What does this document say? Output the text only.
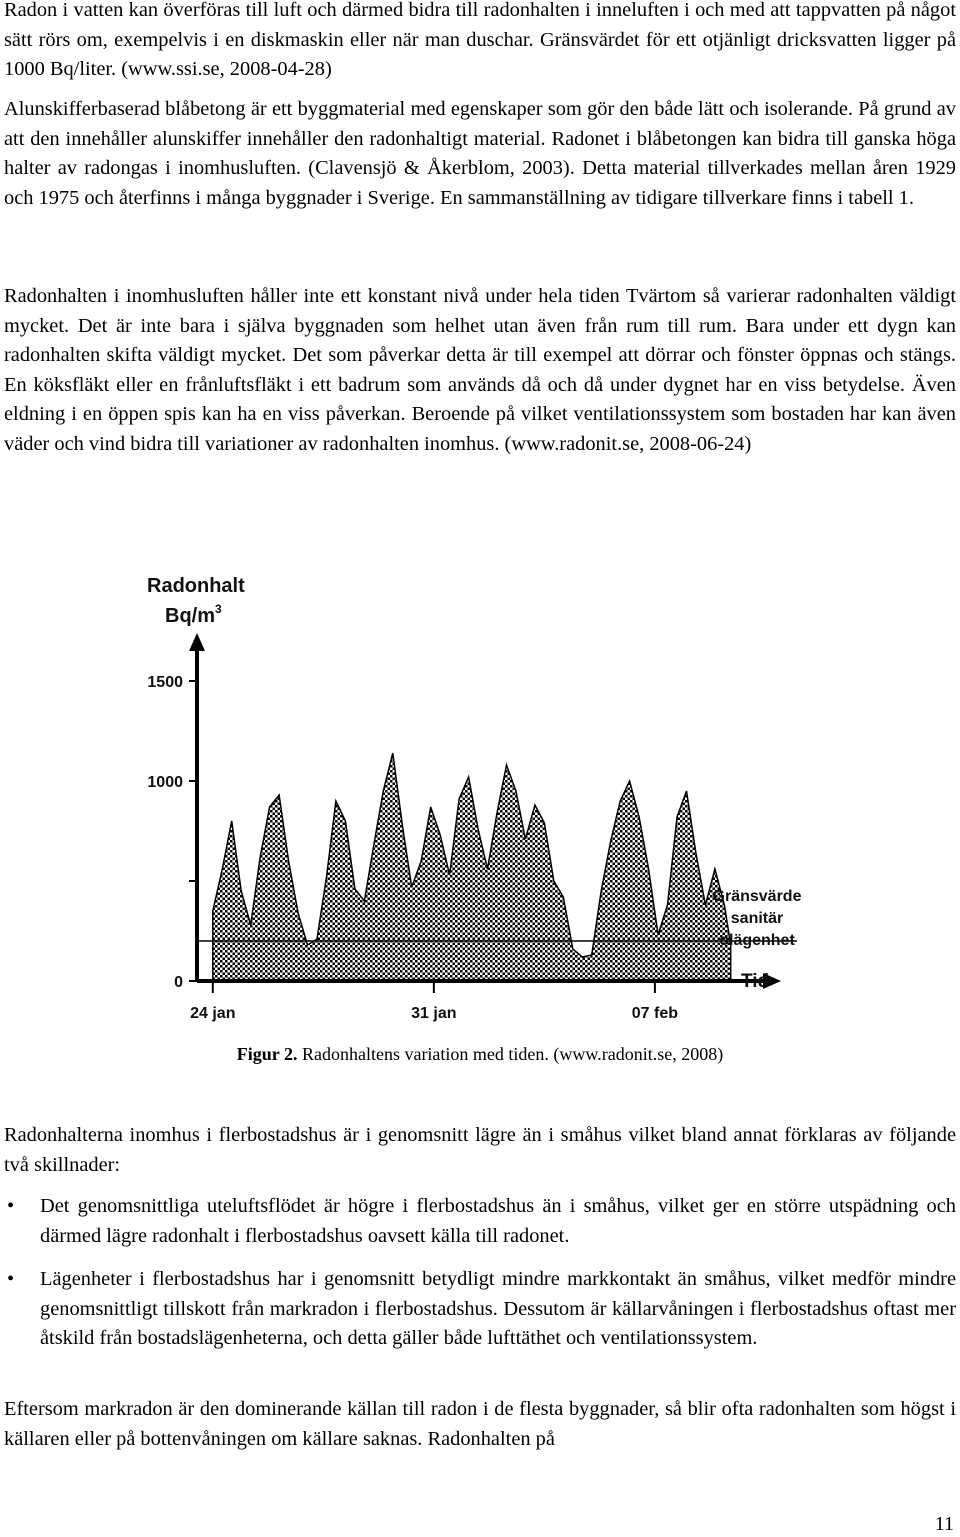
Radon i vatten kan överföras till luft och därmed bidra till radonhalten i inneluften i och med att tappvatten på något sätt rörs om, exempelvis i en diskmaskin eller när man duschar. Gränsvärdet för ett otjänligt dricksvatten ligger på 1000 Bq/liter. (www.ssi.se, 2008-04-28)

Alunskifferbaserad blåbetong är ett byggmaterial med egenskaper som gör den både lätt och isolerande. På grund av att den innehåller alunskiffer innehåller den radonhaltigt material. Radonet i blåbetongen kan bidra till ganska höga halter av radongas i inomhusluften. (Clavensjö & Åkerblom, 2003). Detta material tillverkades mellan åren 1929 och 1975 och återfinns i många byggnader i Sverige. En sammanställning av tidigare tillverkare finns i tabell 1.

Radonhalten i inomhusluften håller inte ett konstant nivå under hela tiden Tvärtom så varierar radonhalten väldigt mycket. Det är inte bara i själva byggnaden som helhet utan även från rum till rum. Bara under ett dygn kan radonhalten skifta väldigt mycket. Det som påverkar detta är till exempel att dörrar och fönster öppnas och stängs. En köksfläkt eller en frånluftsfläkt i ett badrum som används då och då under dygnet har en viss betydelse. Även eldning i en öppen spis kan ha en viss påverkan. Beroende på vilket ventilationssystem som bostaden har kan även väder och vind bidra till variationer av radonhalten inomhus. (www.radonit.se, 2008-06-24)

Radonhalt
$Bq/m^3$
0
1000
1500
Gränsvärde
sanitär
olägenhet
Tid
24 jan	31 jan	07 feb
Figur 2. Radonhaltens variation med tiden. (www.radonit.se, 2008)

Radonhalterna inomhus i flerbostadshus är i genomsnitt lägre än i småhus vilket bland annat förklaras av följande två skillnader:

• Det genomsnittliga uteluftsflödet är högre i flerbostadshus än i småhus, vilket ger en större utspädning och därmed lägre radonhalt i flerbostadshus oavsett källa till radonet.

• Lägenheter i flerbostadshus har i genomsnitt betydligt mindre markkontakt än småhus, vilket medför mindre genomsnittligt tillskott från markradon i flerbostadshus. Dessutom är källarvåningen i flerbostadshus oftast mer åtskild från bostadslägenheterna, och detta gäller både lufttäthet och ventilationssystem.

Eftersom markradon är den dominerande källan till radon i de flesta byggnader, så blir ofta radonhalten som högst i källaren eller på bottenvåningen om källare saknas. Radonhalten på

11
